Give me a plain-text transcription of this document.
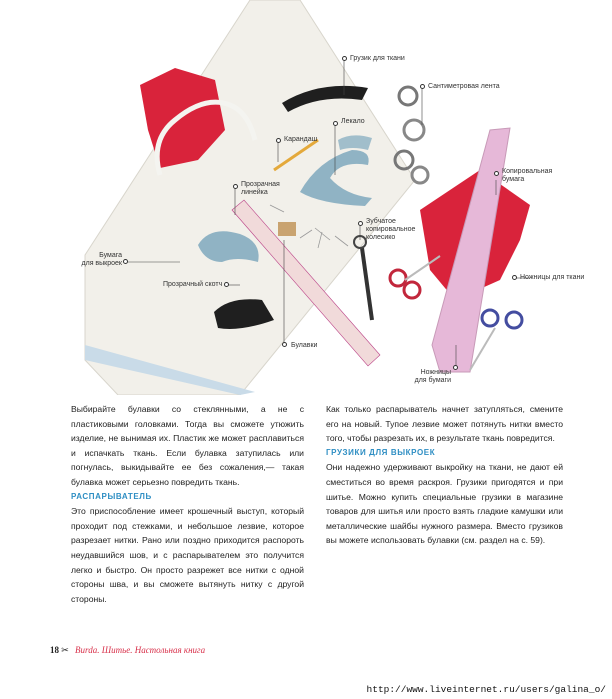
Грузик для ткани
Сантиметровая лента
Карандаш
Лекало
Прозрачная
линейка
Копировальная
бумага
Зубчатое
копировальное
колесико
Бумага
для выкроек
Прозрачный скотч
Ножницы для ткани
Булавки
Ножницы
для бумаги

Выбирайте булавки со стеклянными, а не с пластиковыми головками. Тогда вы сможете утюжить изделие, не вынимая их. Пластик же может расплавиться и испачкать ткань. Если булавка затупилась или погнулась, выкидывайте ее без сожаления,— такая булавка может серьезно повредить ткань.

РАСПАРЫВАТЕЛЬ

Это приспособление имеет крошечный выступ, который проходит под стежками, и небольшое лезвие, которое разрезает нитки. Рано или поздно приходится распороть неудавшийся шов, и с распарывателем это получится легко и быстро. Он просто разрежет все нитки с одной стороны шва, и вы сможете вытянуть нитку с другой стороны.

Как только распарыватель начнет затупляться, смените его на новый. Тупое лезвие может потянуть нитки вместо того, чтобы разрезать их, в результате ткань повредится.

ГРУЗИКИ ДЛЯ ВЫКРОЕК

Они надежно удерживают выкройку на ткани, не дают ей сместиться во время раскроя. Грузики пригодятся и при шитье. Можно купить специальные грузики в магазине товаров для шитья или просто взять гладкие камушки или металлические шайбы нужного размера. Вместо грузиков вы можете использовать булавки (см. раздел на с. 59).

18 ✂ Burda. Шитье. Настольная книга
http://www.liveinternet.ru/users/galina_o/
